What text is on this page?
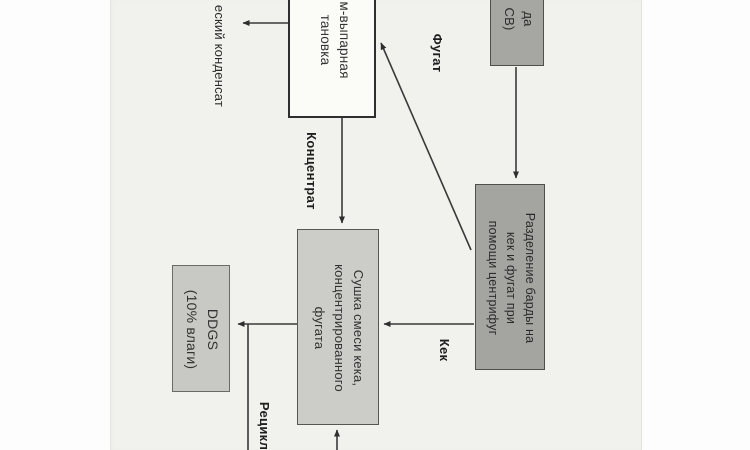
м-выпарная
тановка	да
СВ)
Разделение барды на
кек и фугат при
помощи центрифуг
Сушка смеси кека,
концентрированного
фугата
DDGS
(10% влаги)
еский конденсат
Концентрат
Фугат
Кек
Рецикл
